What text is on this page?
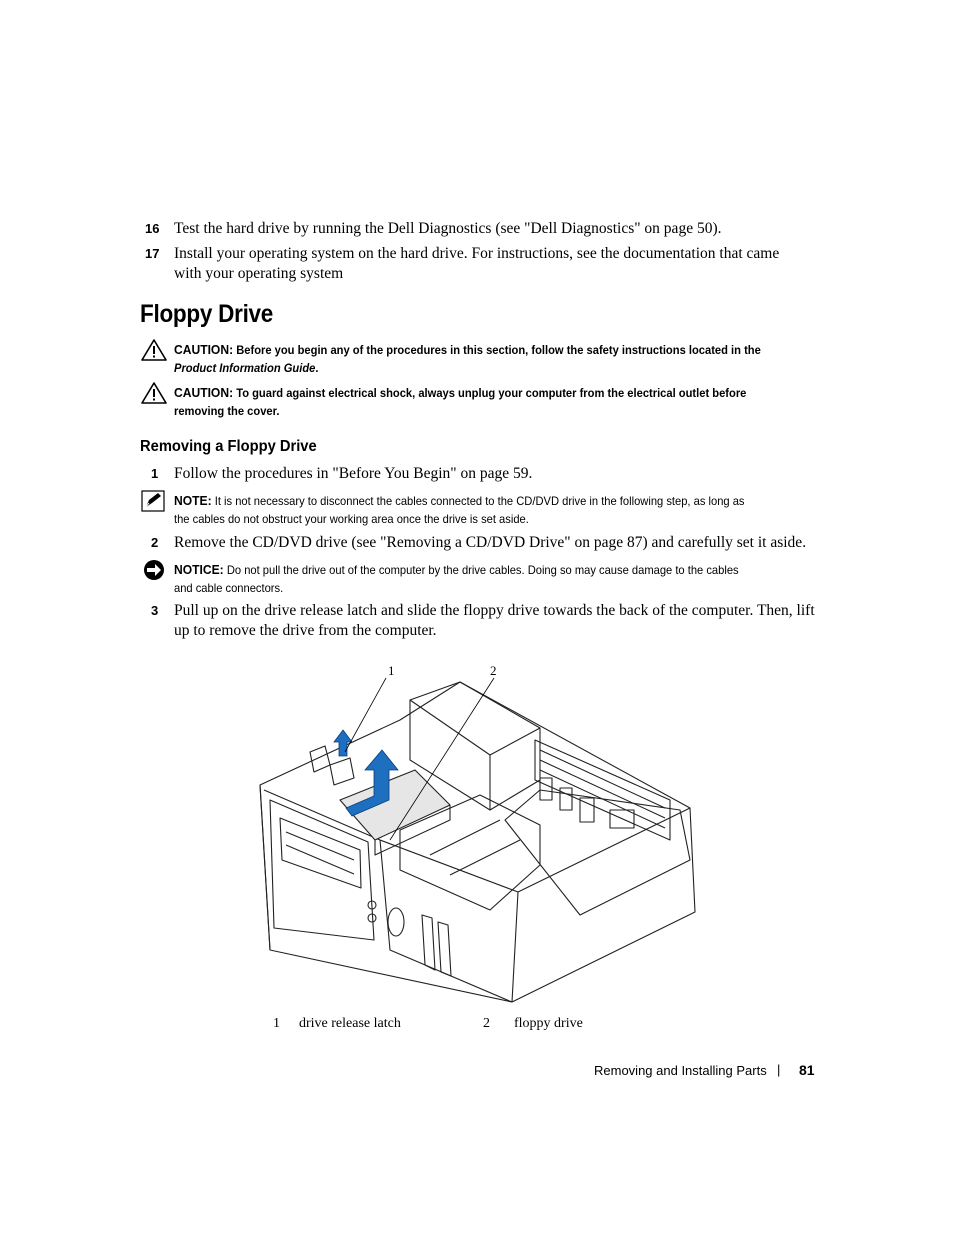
16 Test the hard drive by running the Dell Diagnostics (see "Dell Diagnostics" on page 50).
17 Install your operating system on the hard drive. For instructions, see the documentation that came
with your operating system
Floppy Drive
CAUTION: Before you begin any of the procedures in this section, follow the safety instructions located in the
Product Information Guide.
CAUTION: To guard against electrical shock, always unplug your computer from the electrical outlet before
removing the cover.
Removing a Floppy Drive
1 Follow the procedures in "Before You Begin" on page 59.
NOTE: It is not necessary to disconnect the cables connected to the CD/DVD drive in the following step, as long as
the cables do not obstruct your working area once the drive is set aside.
2 Remove the CD/DVD drive (see "Removing a CD/DVD Drive" on page 87) and carefully set it aside.
NOTICE: Do not pull the drive out of the computer by the drive cables. Doing so may cause damage to the cables
and cable connectors.
3 Pull up on the drive release latch and slide the floppy drive towards the back of the computer. Then, lift
up to remove the drive from the computer.
1	2
1 drive release latch	2 floppy drive
Removing and Installing Parts | 81
